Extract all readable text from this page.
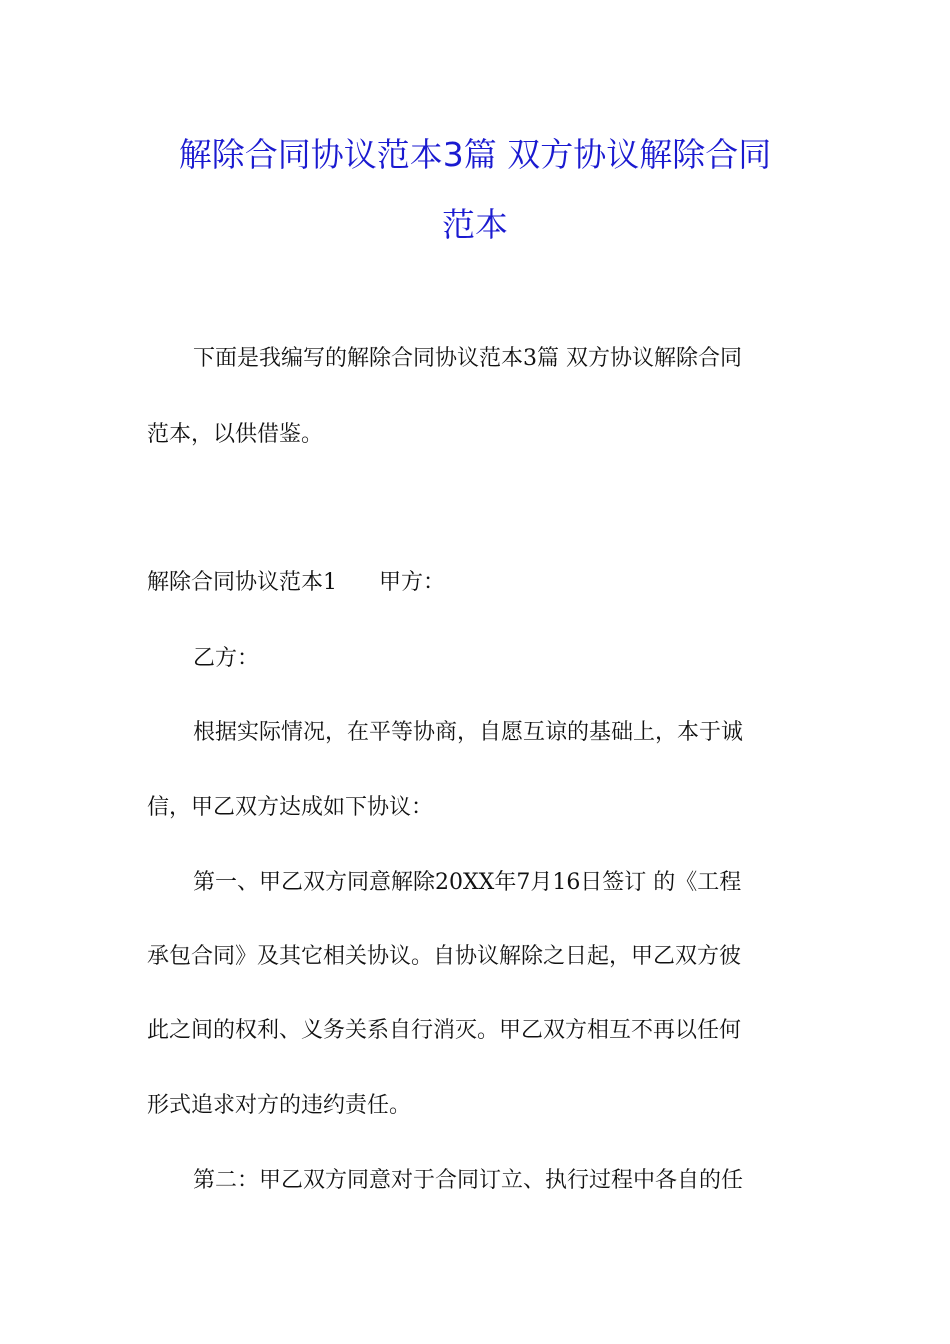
解除合同协议范本3篇 双方协议解除合同
范本
下面是我编写的解除合同协议范本3篇 双方协议解除合同
范本，以供借鉴。
解除合同协议范本1      甲方：
乙方：
根据实际情况，在平等协商，自愿互谅的基础上，本于诚
信，甲乙双方达成如下协议：
第一、甲乙双方同意解除20XX年7月16日签订 的《工程
承包合同》及其它相关协议。自协议解除之日起，甲乙双方彼
此之间的权利、义务关系自行消灭。甲乙双方相互不再以任何
形式追求对方的违约责任。
第二：甲乙双方同意对于合同订立、执行过程中各自的任
